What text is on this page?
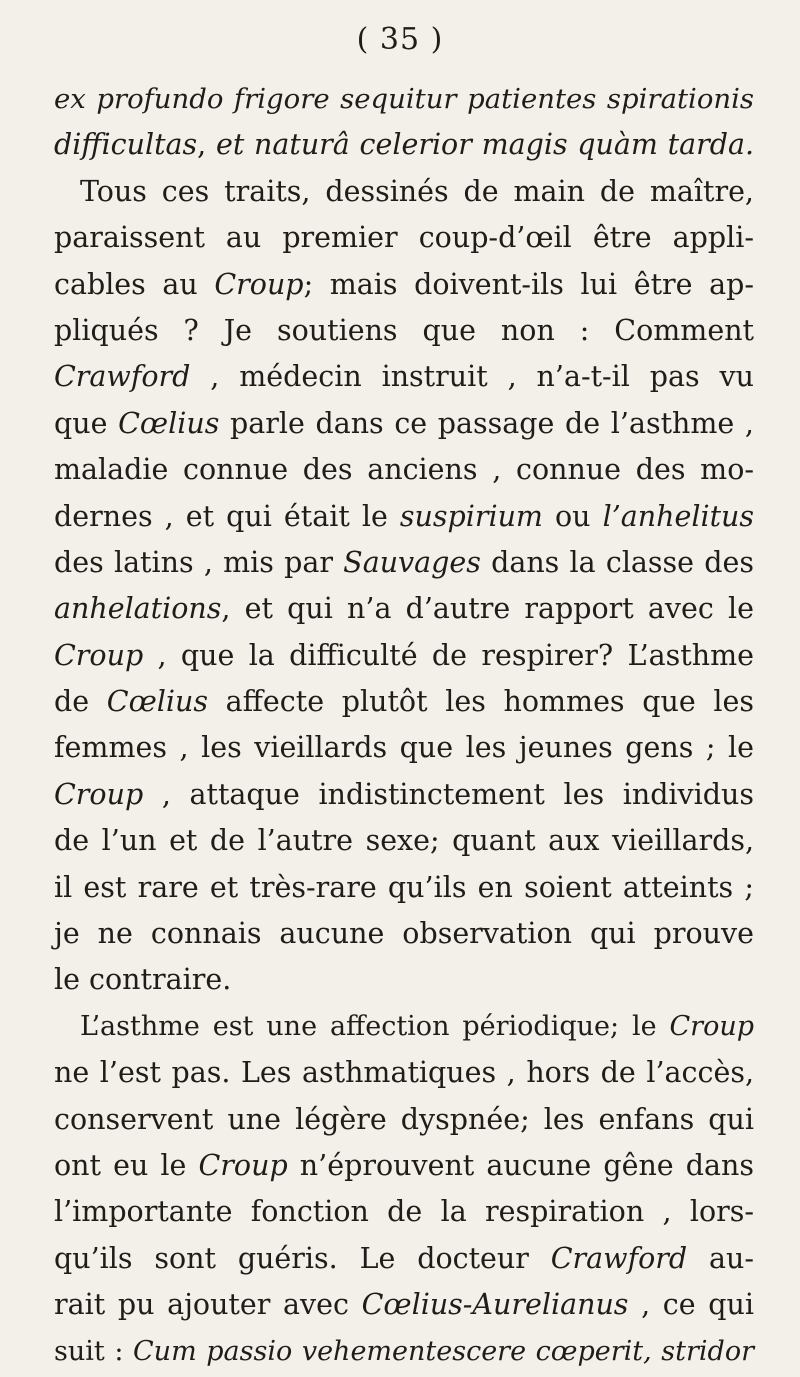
( 35 )
ex profundo frigore sequitur patientes spirationis
difficultas, et naturâ celerior magis quàm tarda.
Tous ces traits, dessinés de main de maître,
paraissent au premier coup-d’œil être appli-
cables au Croup; mais doivent-ils lui être ap-
pliqués ? Je soutiens que non : Comment
Crawford , médecin instruit , n’a-t-il pas vu
que Cœlius parle dans ce passage de l’asthme ,
maladie connue des anciens , connue des mo-
dernes , et qui était le suspirium ou l’anhelitus
des latins , mis par Sauvages dans la classe des
anhelations, et qui n’a d’autre rapport avec le
Croup , que la difficulté de respirer? L’asthme
de Cœlius affecte plutôt les hommes que les
femmes , les vieillards que les jeunes gens ; le
Croup , attaque indistinctement les individus
de l’un et de l’autre sexe; quant aux vieillards,
il est rare et très-rare qu’ils en soient atteints ;
je ne connais aucune observation qui prouve
le contraire.
L’asthme est une affection périodique; le Croup
ne l’est pas. Les asthmatiques , hors de l’accès,
conservent une légère dyspnée; les enfans qui
ont eu le Croup n’éprouvent aucune gêne dans
l’importante fonction de la respiration , lors-
qu’ils sont guéris. Le docteur Crawford au-
rait pu ajouter avec Cœlius-Aurelianus , ce qui
suit : Cum passio vehementescere cœperit, stridor
